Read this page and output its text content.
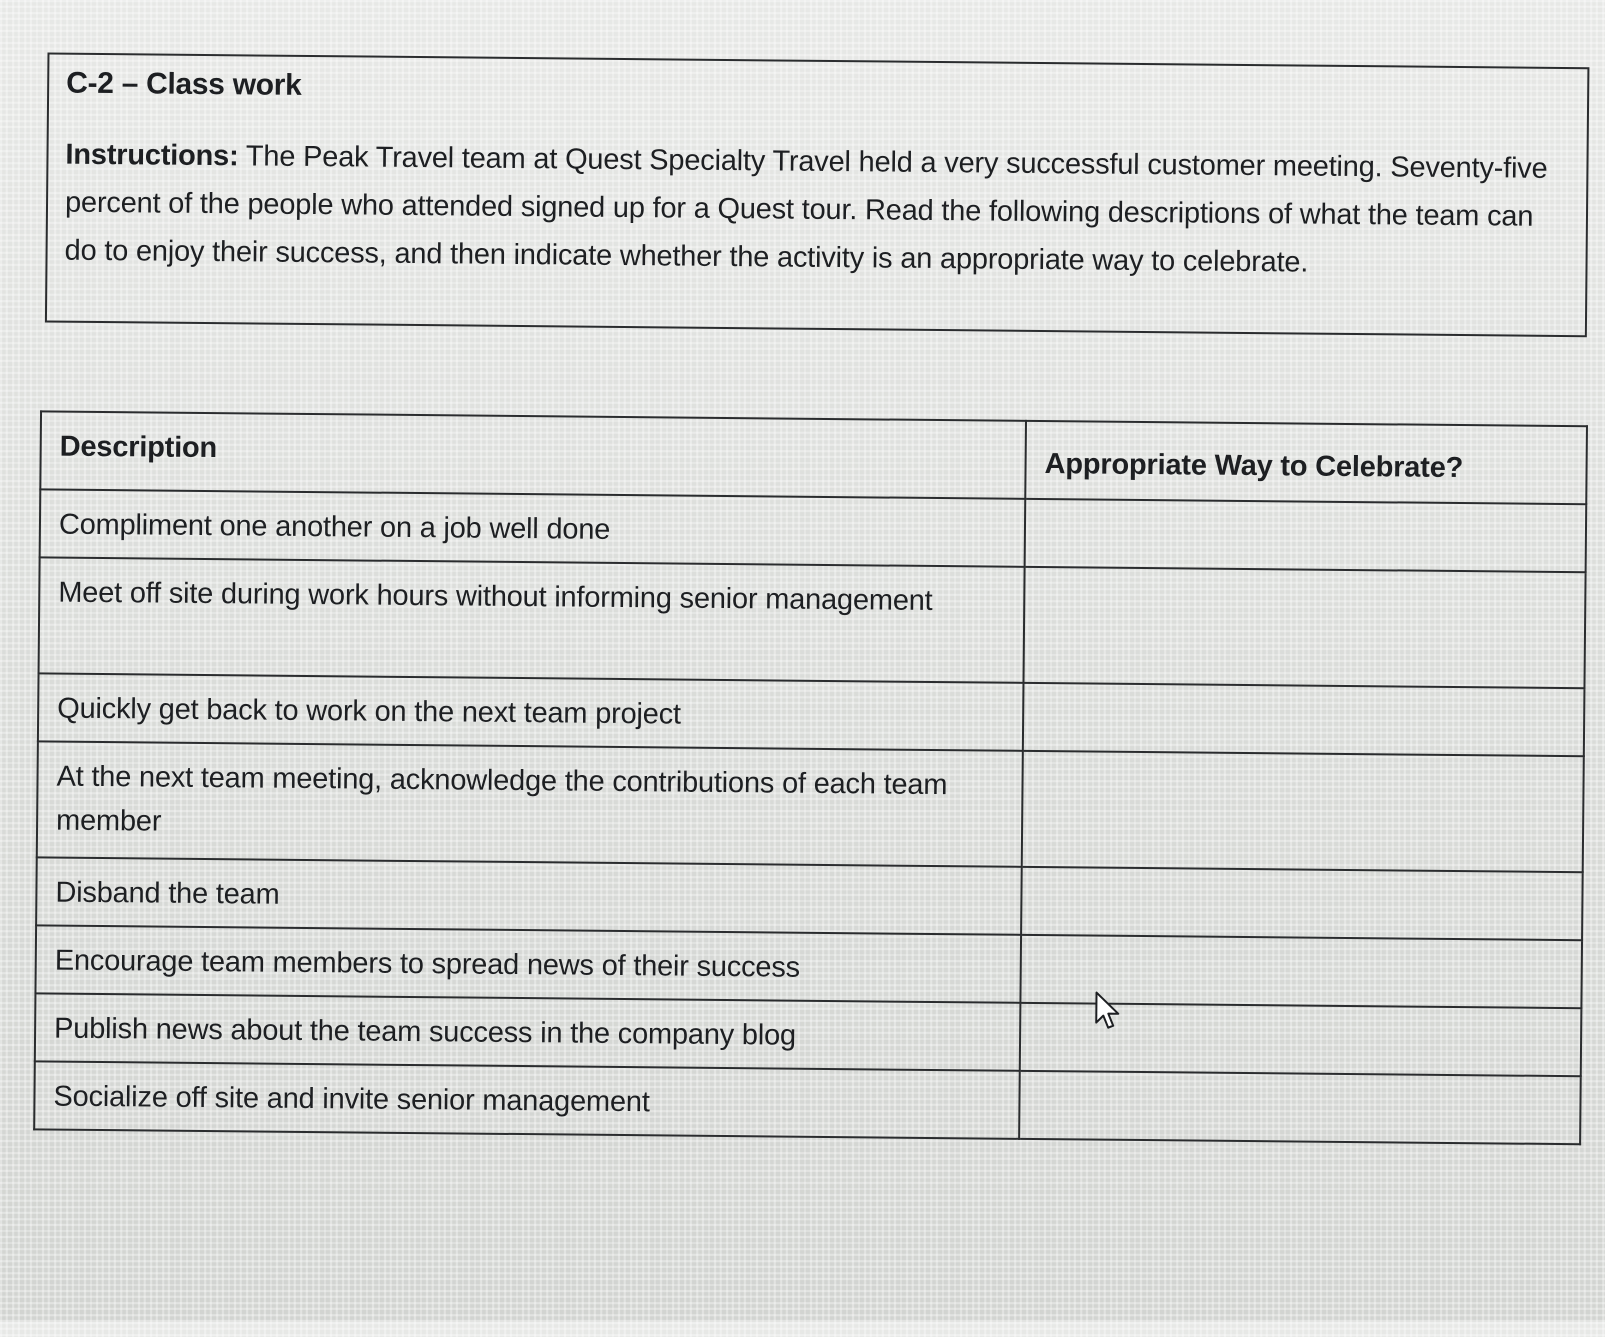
C-2 – Class work
Instructions: The Peak Travel team at Quest Specialty Travel held a very successful customer meeting. Seventy-five percent of the people who attended signed up for a Quest tour. Read the following descriptions of what the team can do to enjoy their success, and then indicate whether the activity is an appropriate way to celebrate.
Description	Appropriate Way to Celebrate?
Compliment one another on a job well done	
Meet off site during work hours without informing senior management	
Quickly get back to work on the next team project	
At the next team meeting, acknowledge the contributions of each team member	
Disband the team	
Encourage team members to spread news of their success	
Publish news about the team success in the company blog	
Socialize off site and invite senior management	
